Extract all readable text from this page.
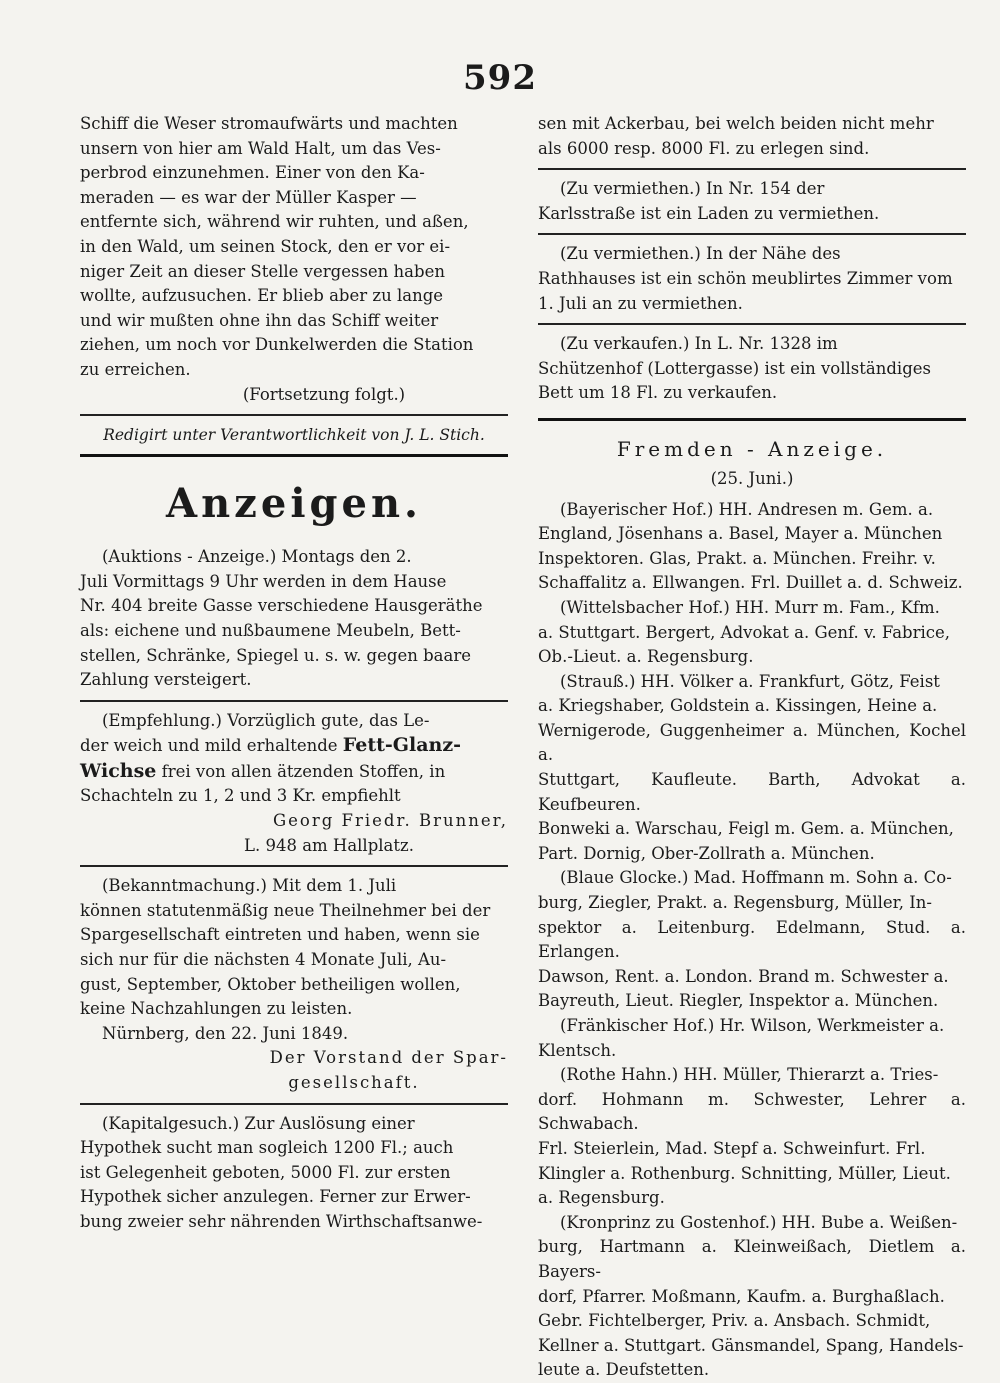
592

Schiff die Weser stromaufwärts und machten

unsern von hier am Wald Halt, um das Ves-

perbrod einzunehmen. Einer von den Ka-

meraden — es war der Müller Kasper —

entfernte sich, während wir ruhten, und aßen,

in den Wald, um seinen Stock, den er vor ei-

niger Zeit an dieser Stelle vergessen haben

wollte, aufzusuchen. Er blieb aber zu lange

und wir mußten ohne ihn das Schiff weiter

ziehen, um noch vor Dunkelwerden die Station

zu erreichen.

(Fortsetzung folgt.)

Redigirt unter Verantwortlichkeit von J. L. Stich.

Anzeigen.

(Auktions - Anzeige.) Montags den 2.

Juli Vormittags 9 Uhr werden in dem Hause

Nr. 404 breite Gasse verschiedene Hausgeräthe

als: eichene und nußbaumene Meubeln, Bett-

stellen, Schränke, Spiegel u. s. w. gegen baare

Zahlung versteigert.

(Empfehlung.) Vorzüglich gute, das Le-

der weich und mild erhaltende Fett-Glanz-

Wichse frei von allen ätzenden Stoffen, in

Schachteln zu 1, 2 und 3 Kr. empfiehlt

Georg Friedr. Brunner,

L. 948 am Hallplatz.

(Bekanntmachung.) Mit dem 1. Juli

können statutenmäßig neue Theilnehmer bei der

Spargesellschaft eintreten und haben, wenn sie

sich nur für die nächsten 4 Monate Juli, Au-

gust, September, Oktober betheiligen wollen,

keine Nachzahlungen zu leisten.

Nürnberg, den 22. Juni 1849.

Der Vorstand der Spar-

gesellschaft.

(Kapitalgesuch.) Zur Auslösung einer

Hypothek sucht man sogleich 1200 Fl.; auch

ist Gelegenheit geboten, 5000 Fl. zur ersten

Hypothek sicher anzulegen. Ferner zur Erwer-

bung zweier sehr nährenden Wirthschaftsanwe-

sen mit Ackerbau, bei welch beiden nicht mehr

als 6000 resp. 8000 Fl. zu erlegen sind.

(Zu vermiethen.) In Nr. 154 der

Karlsstraße ist ein Laden zu vermiethen.

(Zu vermiethen.) In der Nähe des

Rathhauses ist ein schön meublirtes Zimmer vom

1. Juli an zu vermiethen.

(Zu verkaufen.) In L. Nr. 1328 im

Schützenhof (Lottergasse) ist ein vollständiges

Bett um 18 Fl. zu verkaufen.

Fremden - Anzeige.

(25. Juni.)

(Bayerischer Hof.) HH. Andresen m. Gem. a.

England, Jösenhans a. Basel, Mayer a. München

Inspektoren. Glas, Prakt. a. München. Freihr. v.

Schaffalitz a. Ellwangen. Frl. Duillet a. d. Schweiz.

(Wittelsbacher Hof.) HH. Murr m. Fam., Kfm.

a. Stuttgart. Bergert, Advokat a. Genf. v. Fabrice,

Ob.-Lieut. a. Regensburg.

(Strauß.) HH. Völker a. Frankfurt, Götz, Feist

a. Kriegshaber, Goldstein a. Kissingen, Heine a.

Wernigerode, Guggenheimer a. München, Kochel a.

Stuttgart, Kaufleute. Barth, Advokat a. Keufbeuren.

Bonweki a. Warschau, Feigl m. Gem. a. München,

Part. Dornig, Ober-Zollrath a. München.

(Blaue Glocke.) Mad. Hoffmann m. Sohn a. Co-

burg, Ziegler, Prakt. a. Regensburg, Müller, In-

spektor a. Leitenburg. Edelmann, Stud. a. Erlangen.

Dawson, Rent. a. London. Brand m. Schwester a.

Bayreuth, Lieut. Riegler, Inspektor a. München.

(Fränkischer Hof.) Hr. Wilson, Werkmeister a.

Klentsch.

(Rothe Hahn.) HH. Müller, Thierarzt a. Tries-

dorf. Hohmann m. Schwester, Lehrer a. Schwabach.

Frl. Steierlein, Mad. Stepf a. Schweinfurt. Frl.

Klingler a. Rothenburg. Schnitting, Müller, Lieut.

a. Regensburg.

(Kronprinz zu Gostenhof.) HH. Bube a. Weißen-

burg, Hartmann a. Kleinweißach, Dietlem a. Bayers-

dorf, Pfarrer. Moßmann, Kaufm. a. Burghaßlach.

Gebr. Fichtelberger, Priv. a. Ansbach. Schmidt,

Kellner a. Stuttgart. Gänsmandel, Spang, Handels-

leute a. Deufstetten.
